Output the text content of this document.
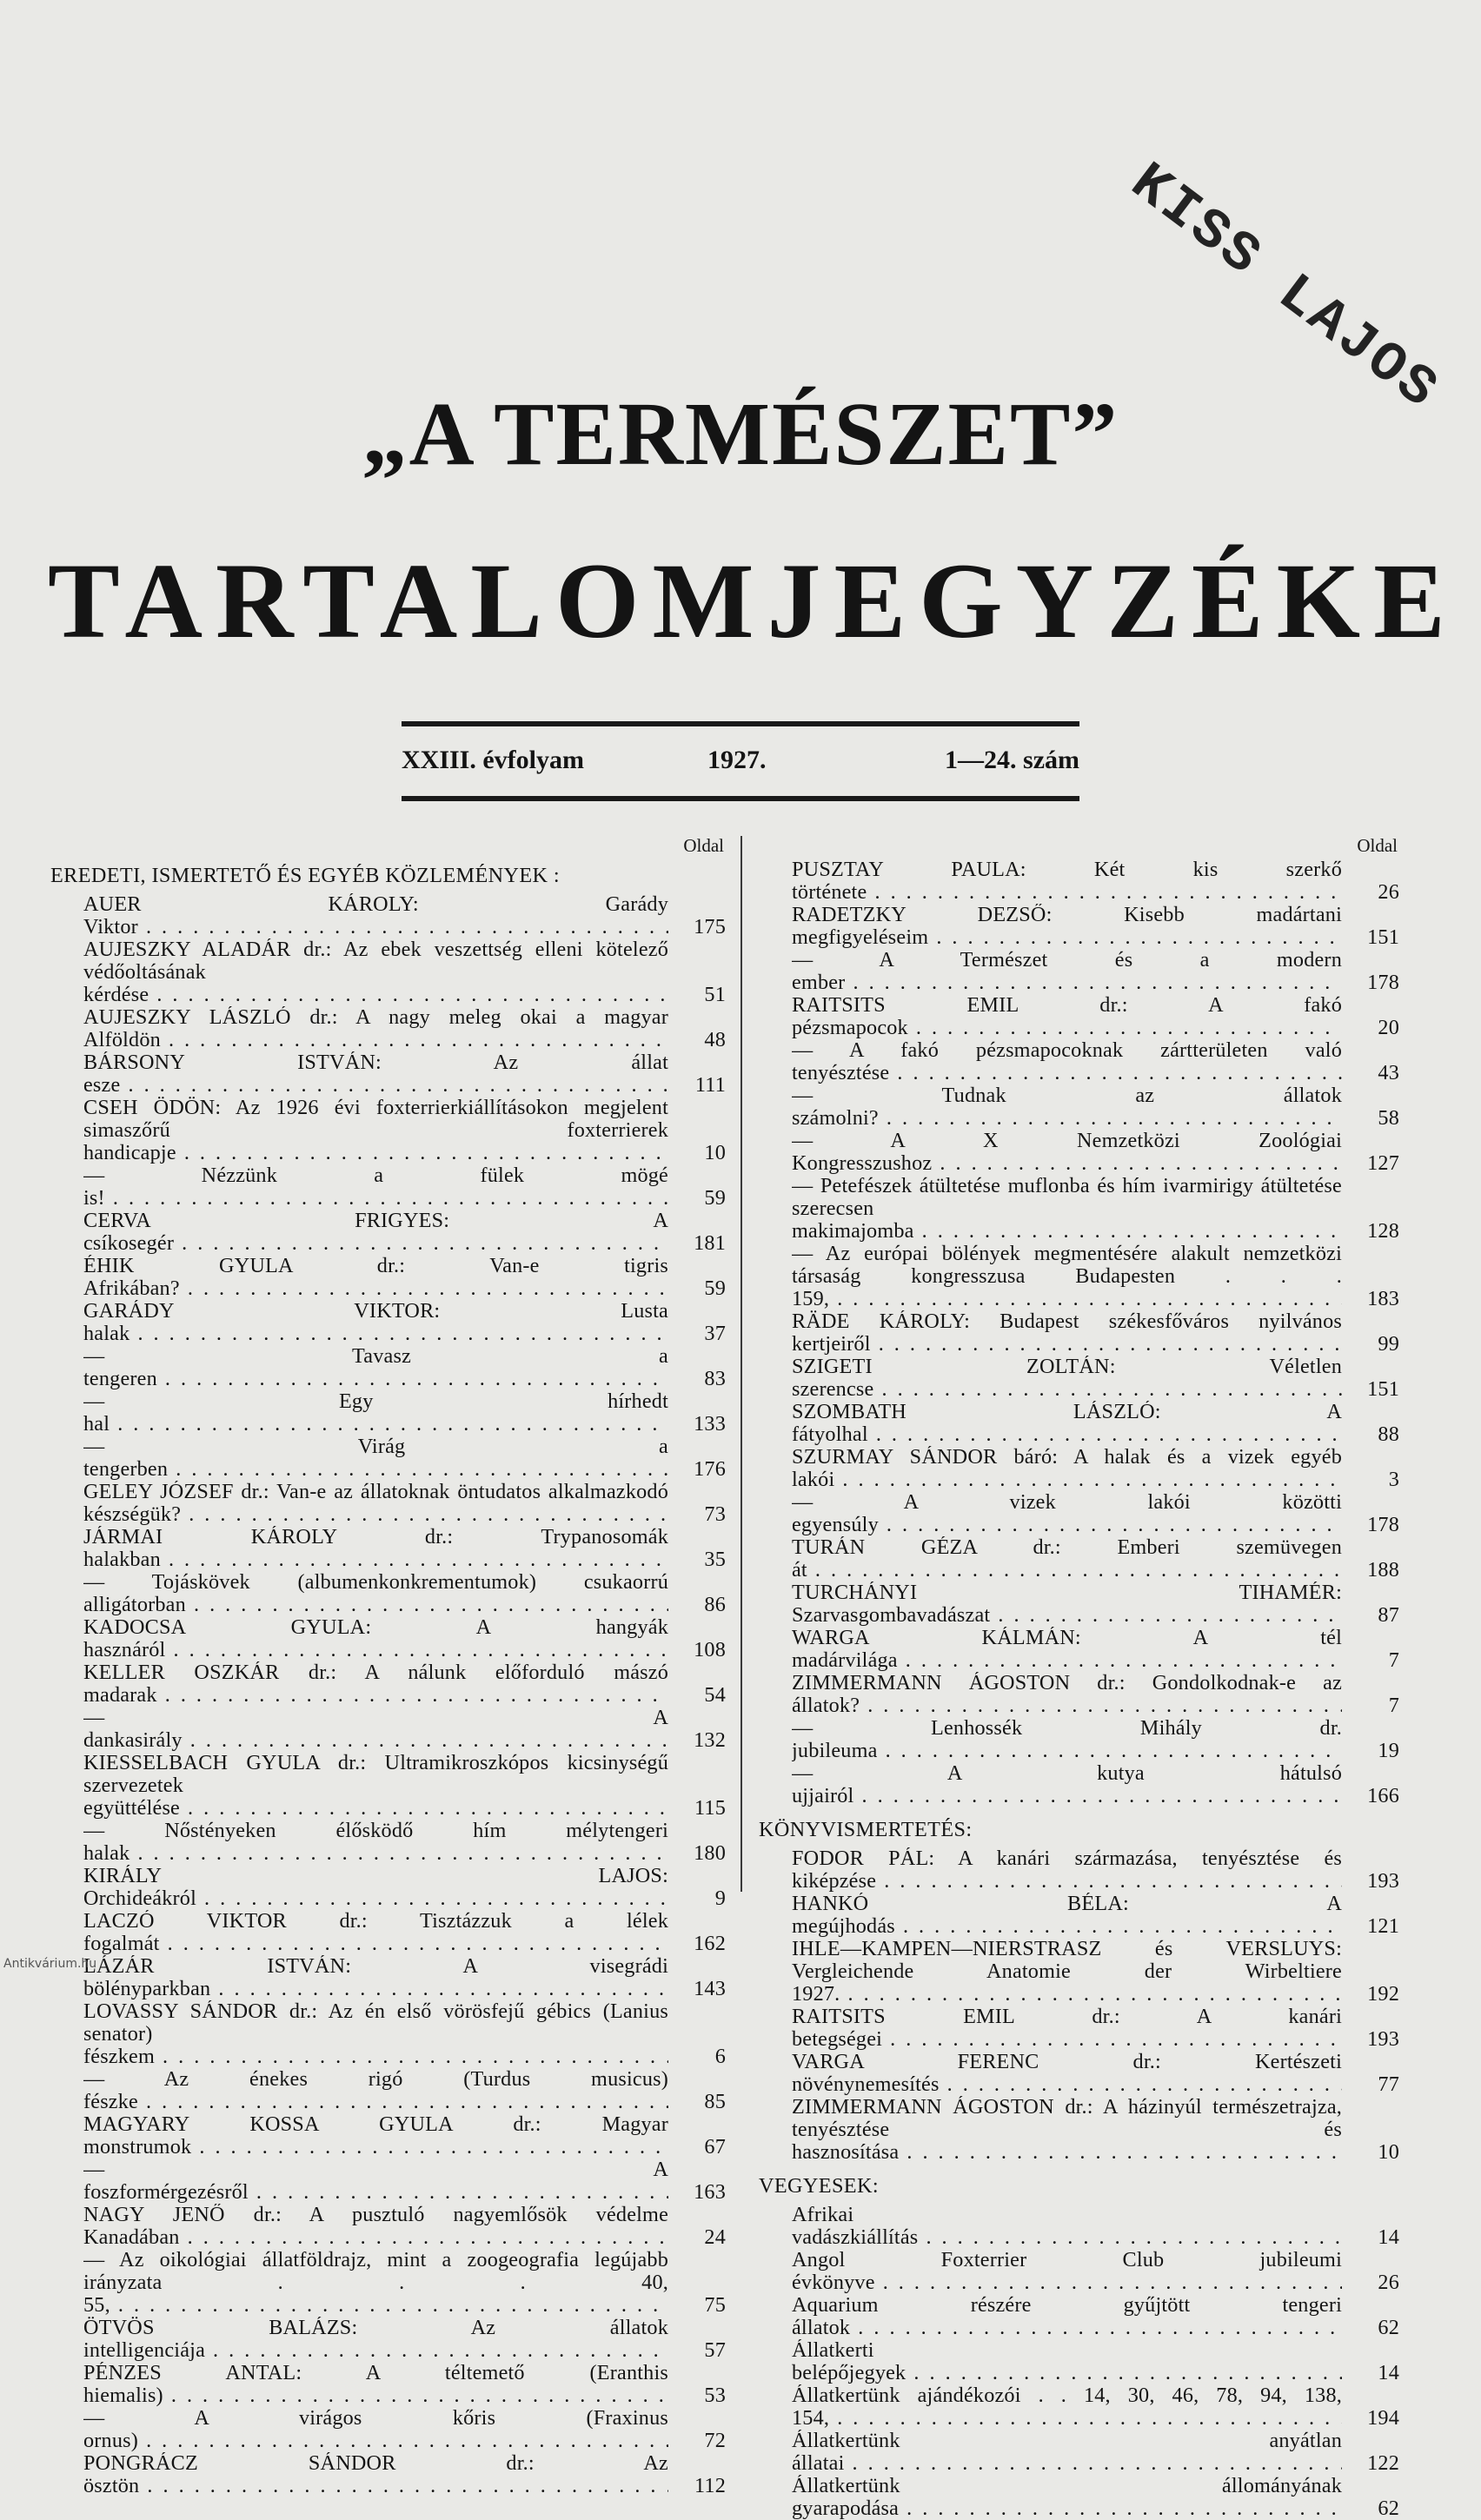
KISS LAJOS
„A TERMÉSZET”
TARTALOMJEGYZÉKE
XXIII. évfolyam	1927.	1—24. szám
Oldal
EREDETI, ISMERTETŐ ÉS EGYÉB KÖZLEMÉNYEK :
AUER KÁROLY: Garády Viktor . . .	175
AUJESZKY ALADÁR dr.: Az ebek veszettség elleni kötelező védőoltásának kérdése . . .	51
AUJESZKY LÁSZLÓ dr.: A nagy meleg okai a magyar Alföldön . . .	48
BÁRSONY ISTVÁN: Az állat esze . . .	111
CSEH ÖDÖN: Az 1926 évi foxterrierkiállításokon megjelent simaszőrű foxterrierek handicapje . . .	10
— Nézzünk a fülek mögé is! . . .	59
CERVA FRIGYES: A csíkosegér . . .	181
ÉHIK GYULA dr.: Van-e tigris Afrikában? . . .	59
GARÁDY VIKTOR: Lusta halak . . .	37
— Tavasz a tengeren . . .	83
— Egy hírhedt hal . . .	133
— Virág a tengerben . . .	176
GELEY JÓZSEF dr.: Van-e az állatoknak öntudatos alkalmazkodó készségük? . . .	73
JÁRMAI KÁROLY dr.: Trypanosomák halakban . . .	35
— Tojáskövek (albumenkonkrementumok) csukaorrú alligátorban . . .	86
KADOCSA GYULA: A hangyák hasznáról . . .	108
KELLER OSZKÁR dr.: A nálunk előforduló mászó madarak . . .	54
— A dankasirály . . .	132
KIESSELBACH GYULA dr.: Ultramikroszkópos kicsinységű szervezetek együttélése . . .	115
— Nőstényeken élősködő hím mélytengeri halak . . .	180
KIRÁLY LAJOS: Orchideákról . . .	9
LACZÓ VIKTOR dr.: Tisztázzuk a lélek fogalmát . . .	162
LÁZÁR ISTVÁN: A visegrádi bölényparkban . . .	143
LOVASSY SÁNDOR dr.: Az én első vörösfejű gébics (Lanius senator) fészkem . . .	6
— Az énekes rigó (Turdus musicus) fészke . . .	85
MAGYARY KOSSA GYULA dr.: Magyar monstrumok . . .	67
— A foszformérgezésről . . .	163
NAGY JENŐ dr.: A pusztuló nagyemlősök védelme Kanadában . . .	24
— Az oikológiai állatföldrajz, mint a zoogeografia legújabb irányzata . . . 40, 55, . . .	75
ÖTVÖS BALÁZS: Az állatok intelligenciája . . .	57
PÉNZES ANTAL: A téltemető (Eranthis hiemalis) . . .	53
— A virágos kőris (Fraxinus ornus) . . .	72
PONGRÁCZ SÁNDOR dr.: Az ösztön . . .	112
Oldal
PUSZTAY PAULA: Két kis szerkő története . . .	26
RADETZKY DEZSŐ: Kisebb madártani megfigyeléseim . . .	151
— A Természet és a modern ember . . .	178
RAITSITS EMIL dr.: A fakó pézsmapocok . . .	20
— A fakó pézsmapocoknak zártterületen való tenyésztése . . .	43
— Tudnak az állatok számolni? . . .	58
— A X Nemzetközi Zoológiai Kongresszushoz . . .	127
— Petefészek átültetése muflonba és hím ivarmirigy átültetése szerecsen makimajomba . . .	128
— Az európai bölények megmentésére alakult nemzetközi társaság kongresszusa Budapesten . . . 159, . . .	183
RÄDE KÁROLY: Budapest székesfőváros nyilvános kertjeiről . . .	99
SZIGETI ZOLTÁN: Véletlen szerencse . . .	151
SZOMBATH LÁSZLÓ: A fátyolhal . . .	88
SZURMAY SÁNDOR báró: A halak és a vizek egyéb lakói . . .	3
— A vizek lakói közötti egyensúly . . .	178
TURÁN GÉZA dr.: Emberi szemüvegen át . . .	188
TURCHÁNYI TIHAMÉR: Szarvasgombavadászat . . .	87
WARGA KÁLMÁN: A tél madárvilága . . .	7
ZIMMERMANN ÁGOSTON dr.: Gondolkodnak-e az állatok? . . .	7
— Lenhossék Mihály dr. jubileuma . . .	19
— A kutya hátulsó ujjairól . . .	166
KÖNYVISMERTETÉS:
FODOR PÁL: A kanári származása, tenyésztése és kiképzése . . .	193
HANKÓ BÉLA: A megújhodás . . .	121
IHLE—KAMPEN—NIERSTRASZ és VERSLUYS: Vergleichende Anatomie der Wirbeltiere 1927. . . .	192
RAITSITS EMIL dr.: A kanári betegségei . . .	193
VARGA FERENC dr.: Kertészeti növénynemesítés . . .	77
ZIMMERMANN ÁGOSTON dr.: A házinyúl természetrajza, tenyésztése és hasznosítása . . .	10
VEGYESEK:
Afrikai vadászkiállítás . . .	14
Angol Foxterrier Club jubileumi évkönyve . . .	26
Aquarium részére gyűjtött tengeri állatok . . .	62
Állatkerti belépőjegyek . . .	14
Állatkertünk ajándékozói . . 14, 30, 46, 78, 94, 138, 154, . . .	194
Állatkertünk anyátlan állatai . . .	122
Állatkertünk állományának gyarapodása . . .	62
Antikvárium.hu
